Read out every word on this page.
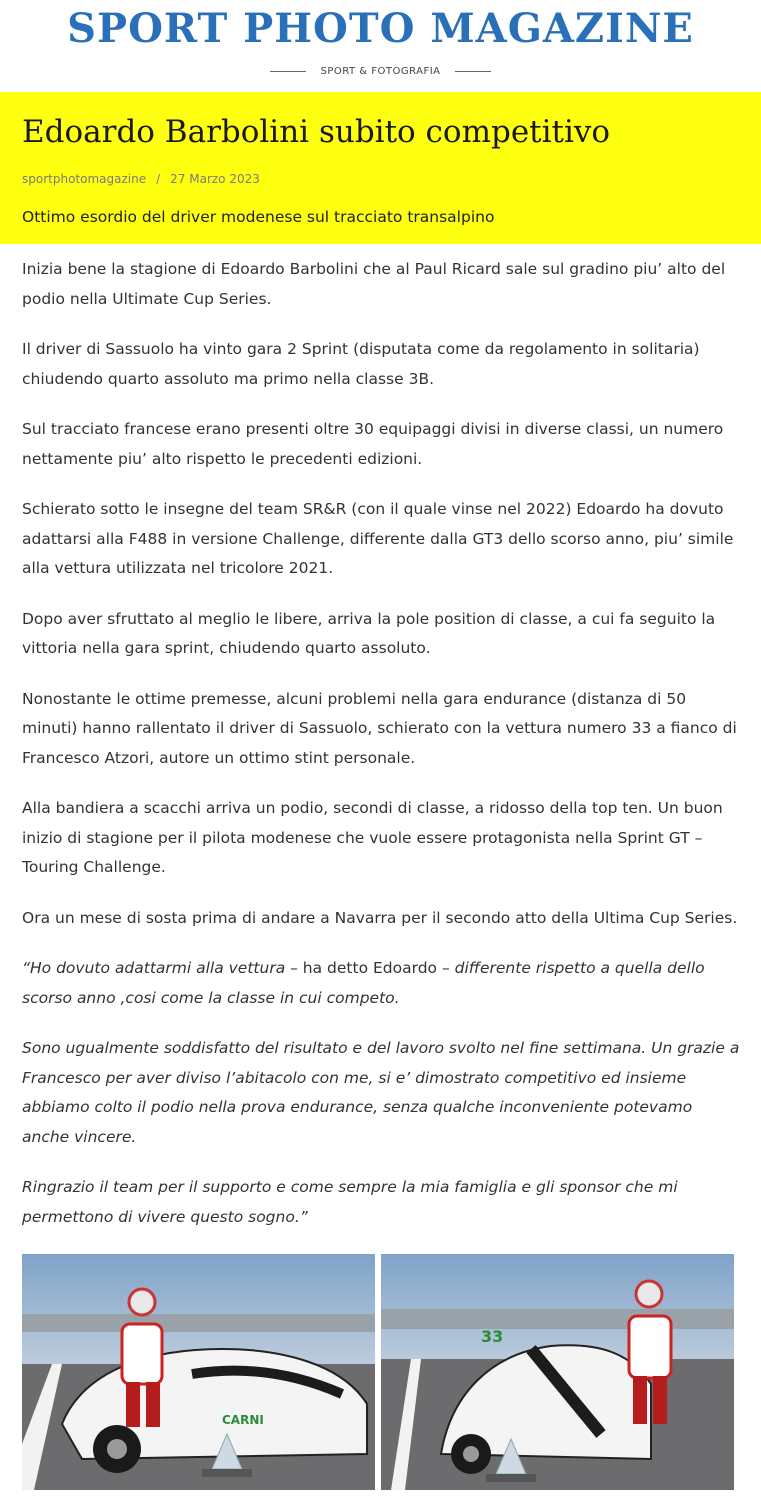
SPORT PHOTO MAGAZINE
SPORT & FOTOGRAFIA
Edoardo Barbolini subito competitivo
sportphotomagazine / 27 Marzo 2023
Ottimo esordio del driver modenese sul tracciato transalpino

Inizia bene la stagione di Edoardo Barbolini che al Paul Ricard sale sul gradino piu’ alto del podio nella Ultimate Cup Series.

Il driver di Sassuolo ha vinto gara 2 Sprint (disputata come da regolamento in solitaria) chiudendo quarto assoluto ma primo nella classe 3B.

Sul tracciato francese erano presenti oltre 30 equipaggi divisi in diverse classi, un numero nettamente piu’ alto rispetto le precedenti edizioni.

Schierato sotto le insegne del team SR&R (con il quale vinse nel 2022) Edoardo ha dovuto adattarsi alla F488 in versione Challenge, differente dalla GT3 dello scorso anno, piu’ simile alla vettura utilizzata nel tricolore 2021.

Dopo aver sfruttato al meglio le libere, arriva la pole position di classe, a cui fa seguito la vittoria nella gara sprint, chiudendo quarto assoluto.

Nonostante le ottime premesse, alcuni problemi nella gara endurance (distanza di 50 minuti) hanno rallentato il driver di Sassuolo, schierato con la vettura numero 33 a fianco di Francesco Atzori, autore un ottimo stint personale.

Alla bandiera a scacchi arriva un podio, secondi di classe, a ridosso della top ten. Un buon inizio di stagione per il pilota modenese che vuole essere protagonista nella Sprint GT – Touring Challenge.

Ora un mese di sosta prima di andare a Navarra per il secondo atto della Ultima Cup Series.

“Ho dovuto adattarmi alla vettura – ha detto Edoardo – differente rispetto a quella dello scorso anno ,cosi come la classe in cui competo.

Sono ugualmente soddisfatto del risultato e del lavoro svolto nel fine settimana. Un grazie a Francesco per aver diviso l’abitacolo con me, si e’ dimostrato competitivo ed insieme abbiamo colto il podio nella prova endurance, senza qualche inconveniente potevamo anche vincere.

Ringrazio il team per il supporto e come sempre la mia famiglia e gli sponsor che mi permettono di vivere questo sogno.”

CARNI
33
